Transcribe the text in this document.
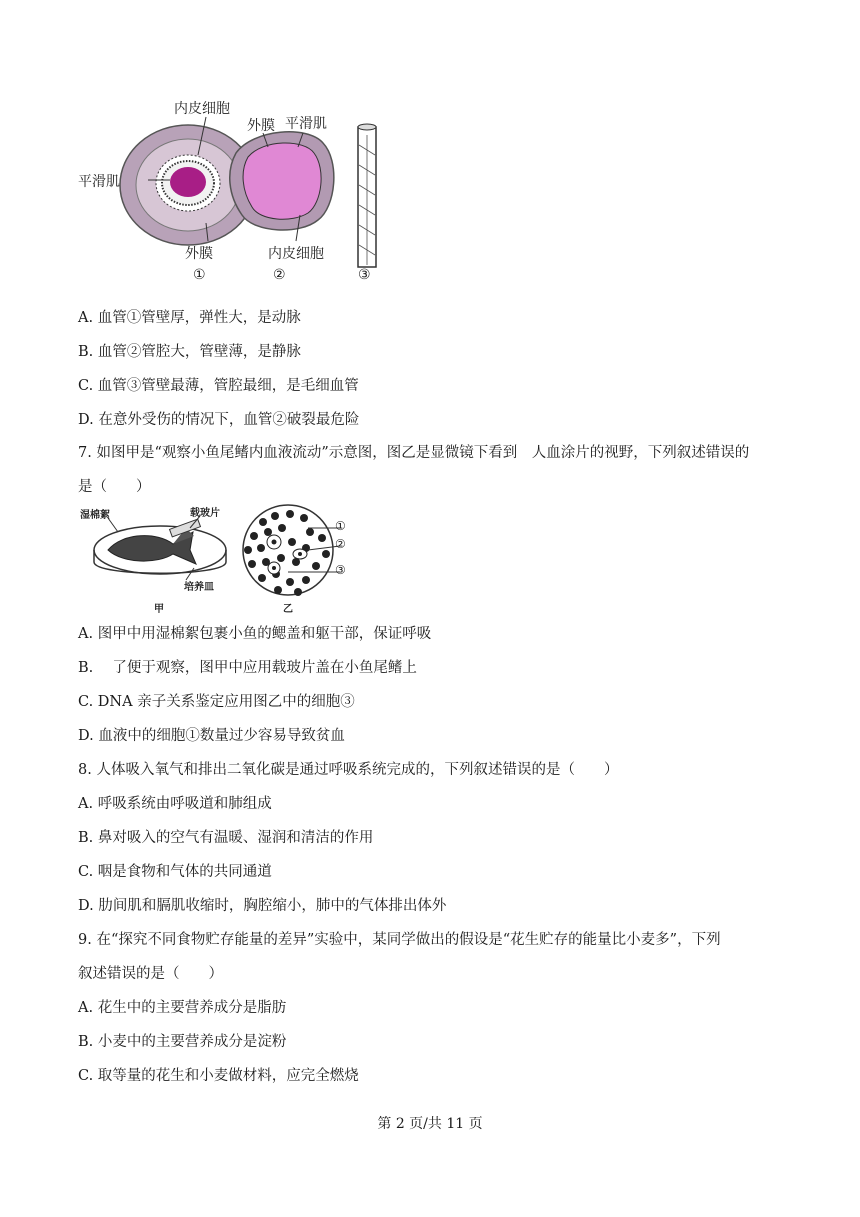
内皮细胞
平滑肌
外膜 平滑肌
外膜	内皮细胞
①	②	③
A. 血管①管壁厚，弹性大，是动脉
B. 血管②管腔大，管壁薄，是静脉
C. 血管③管壁最薄，管腔最细，是毛细血管
D. 在意外受伤的情况下，血管②破裂最危险
7. 如图甲是“观察小鱼尾鳍内血液流动”示意图，图乙是显微镜下看到　人血涂片的视野，下列叙述错误的
是（　　）
湿棉絮	载玻片
培养皿
甲	乙
①
②
③
A. 图甲中用湿棉絮包裹小鱼的鳃盖和躯干部，保证呼吸
B.　 了便于观察，图甲中应用载玻片盖在小鱼尾鳍上
C. DNA 亲子关系鉴定应用图乙中的细胞③
D. 血液中的细胞①数量过少容易导致贫血
8. 人体吸入氧气和排出二氧化碳是通过呼吸系统完成的，下列叙述错误的是（　　）
A. 呼吸系统由呼吸道和肺组成
B. 鼻对吸入的空气有温暖、湿润和清洁的作用
C. 咽是食物和气体的共同通道
D. 肋间肌和膈肌收缩时，胸腔缩小，肺中的气体排出体外
9. 在“探究不同食物贮存能量的差异”实验中，某同学做出的假设是“花生贮存的能量比小麦多”，下列
叙述错误的是（　　）
A. 花生中的主要营养成分是脂肪
B. 小麦中的主要营养成分是淀粉
C. 取等量的花生和小麦做材料，应完全燃烧
第 2 页/共 11 页
